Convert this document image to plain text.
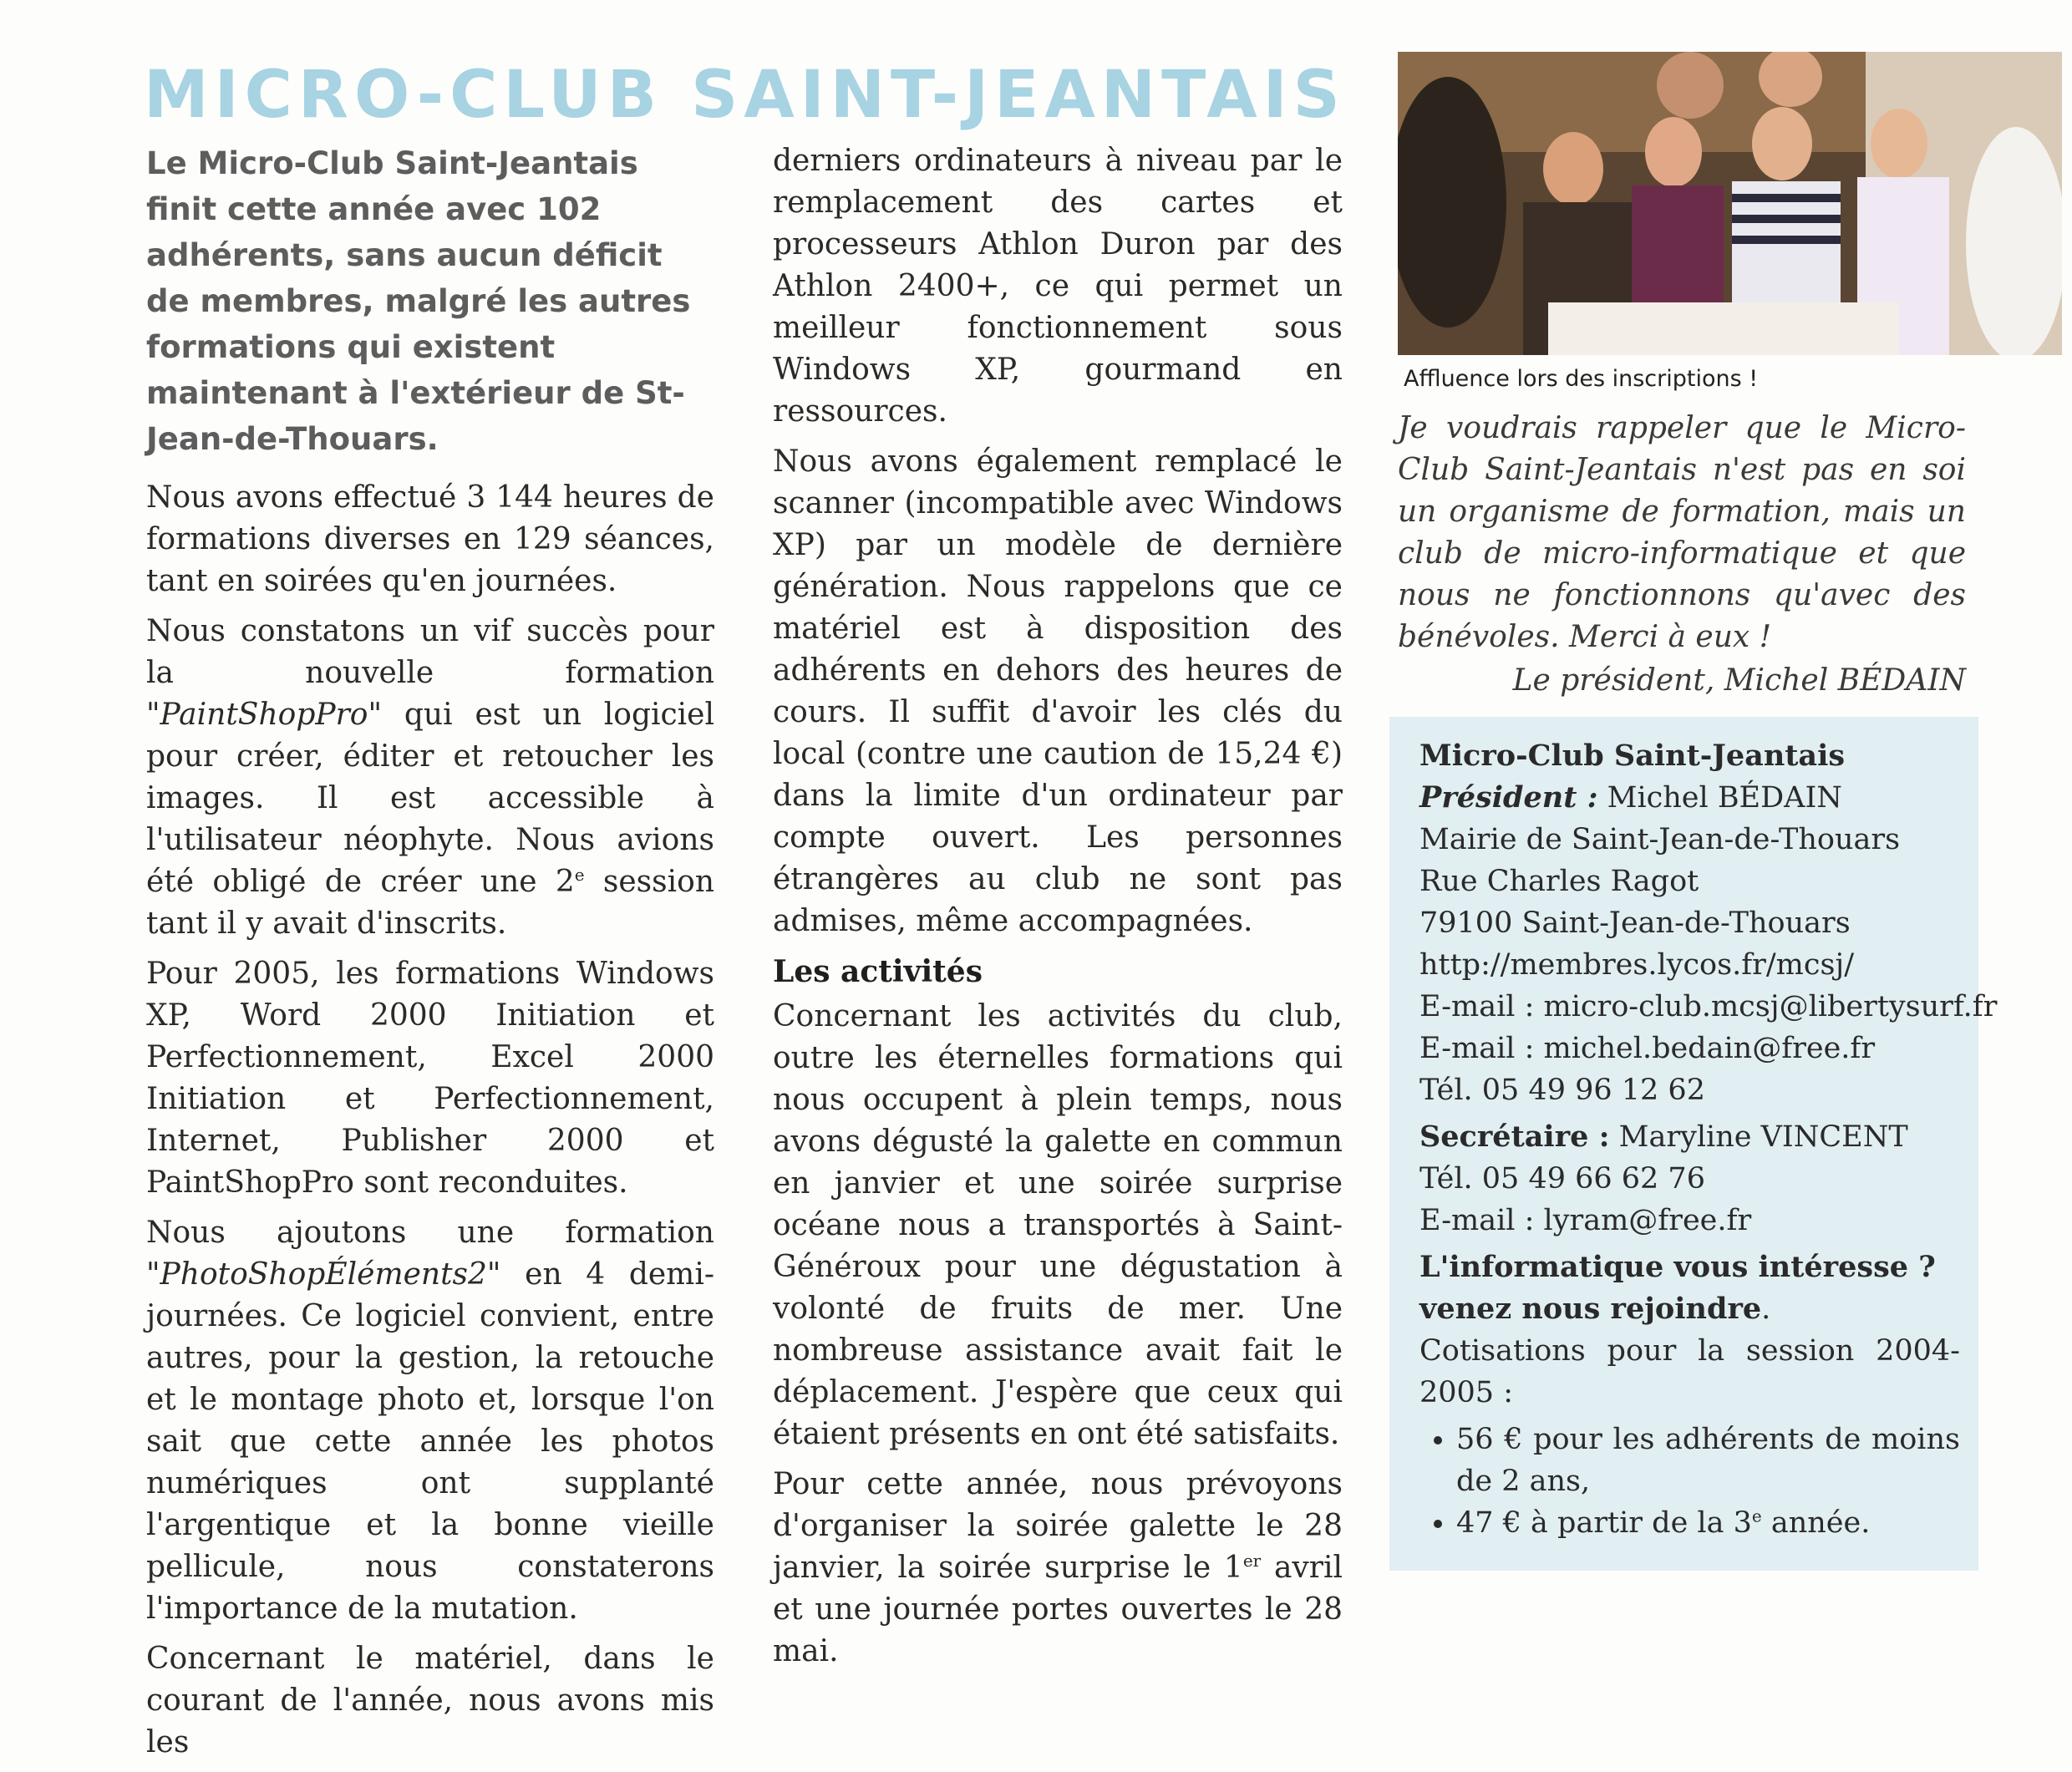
MICRO-CLUB SAINT-JEANTAIS

Le Micro-Club Saint-Jeantais finit cette année avec 102 adhérents, sans aucun déficit de membres, malgré les autres formations qui existent maintenant à l'extérieur de St-Jean-de-Thouars.

Nous avons effectué 3 144 heures de formations diverses en 129 séances, tant en soirées qu'en journées.

Nous constatons un vif succès pour la nouvelle formation "PaintShopPro" qui est un logiciel pour créer, éditer et retoucher les images. Il est accessible à l'utilisateur néophyte. Nous avions été obligé de créer une 2e session tant il y avait d'inscrits.

Pour 2005, les formations Windows XP, Word 2000 Initiation et Perfectionnement, Excel 2000 Initiation et Perfectionnement, Internet, Publisher 2000 et PaintShopPro sont reconduites.

Nous ajoutons une formation "PhotoShopÉléments2" en 4 demi-journées. Ce logiciel convient, entre autres, pour la gestion, la retouche et le montage photo et, lorsque l'on sait que cette année les photos numériques ont supplanté l'argentique et la bonne vieille pellicule, nous constaterons l'importance de la mutation.

Concernant le matériel, dans le courant de l'année, nous avons mis les

derniers ordinateurs à niveau par le remplacement des cartes et processeurs Athlon Duron par des Athlon 2400+, ce qui permet un meilleur fonctionnement sous Windows XP, gourmand en ressources.

Nous avons également remplacé le scanner (incompatible avec Windows XP) par un modèle de dernière génération. Nous rappelons que ce matériel est à disposition des adhérents en dehors des heures de cours. Il suffit d'avoir les clés du local (contre une caution de 15,24 €) dans la limite d'un ordinateur par compte ouvert. Les personnes étrangères au club ne sont pas admises, même accompagnées.

Les activités

Concernant les activités du club, outre les éternelles formations qui nous occupent à plein temps, nous avons dégusté la galette en commun en janvier et une soirée surprise océane nous a transportés à Saint-Généroux pour une dégustation à volonté de fruits de mer. Une nombreuse assistance avait fait le déplacement. J'espère que ceux qui étaient présents en ont été satisfaits.

Pour cette année, nous prévoyons d'organiser la soirée galette le 28 janvier, la soirée surprise le 1er avril et une journée portes ouvertes le 28 mai.

Affluence lors des inscriptions !
Je voudrais rappeler que le Micro-Club Saint-Jeantais n'est pas en soi un organisme de formation, mais un club de micro-informatique et que nous ne fonctionnons qu'avec des bénévoles. Merci à eux !
Le président, Michel BÉDAIN

Micro-Club Saint-Jeantais

Président : Michel BÉDAIN

Mairie de Saint-Jean-de-Thouars

Rue Charles Ragot

79100 Saint-Jean-de-Thouars

http://membres.lycos.fr/mcsj/

E-mail : micro-club.mcsj@libertysurf.fr

E-mail : michel.bedain@free.fr

Tél. 05 49 96 12 62

Secrétaire : Maryline VINCENT

Tél. 05 49 66 62 76

E-mail : lyram@free.fr

L'informatique vous intéresse ? venez nous rejoindre.

Cotisations pour la session 2004-2005 :

• 56 € pour les adhérents de moins de 2 ans,
• 47 € à partir de la 3e année.
